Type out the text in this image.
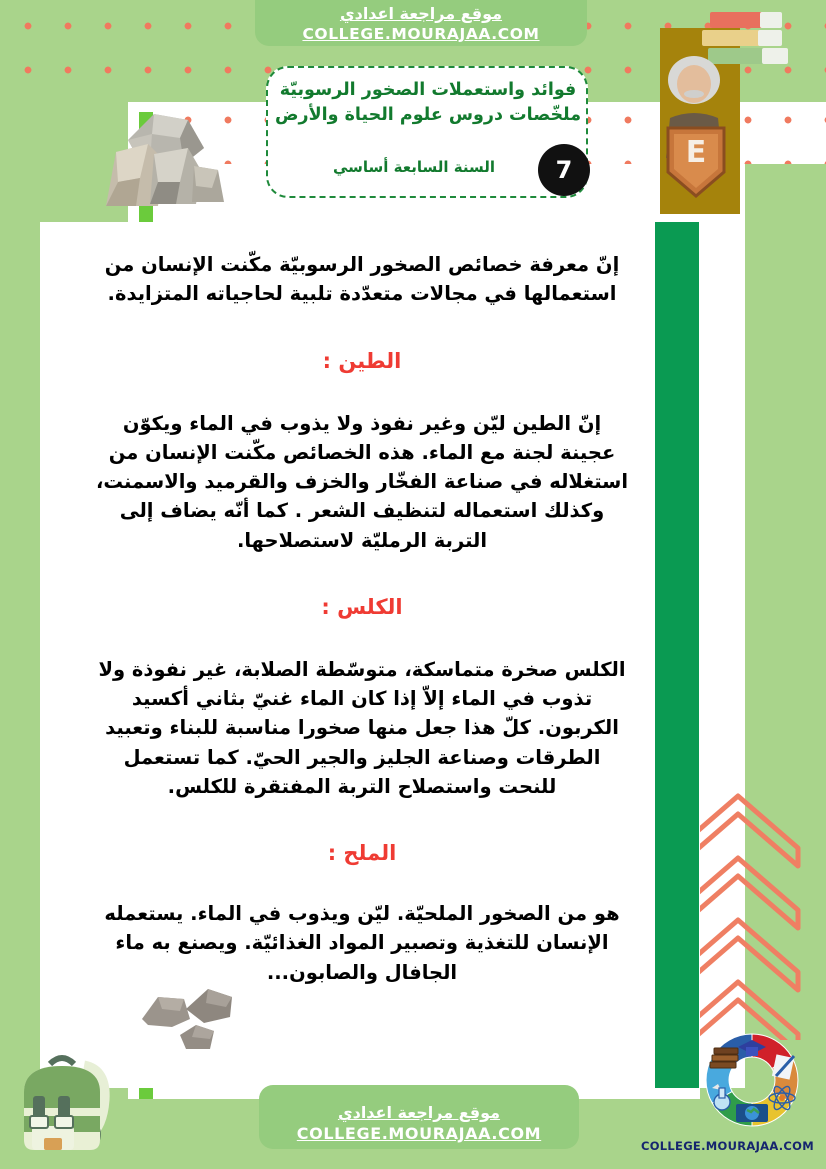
موقع مراجعة اعدادي
COLLEGE.MOURAJAA.COM
فوائد واستعملات الصخور الرسوبيّة
ملخّصات دروس علوم الحياة والأرض
السنة السابعة أساسي	7	E

إنّ معرفة خصائص الصخور الرسوبيّة مكّنت الإنسان من استعمالها في مجالات متعدّدة تلبية لحاجياته المتزايدة.

الطين :

إنّ الطين ليّن وغير نفوذ ولا يذوب في الماء ويكوّن عجينة لجنة مع الماء. هذه الخصائص مكّنت الإنسان من استغلاله في صناعة الفخّار والخزف والقرميد والاسمنت، وكذلك استعماله لتنظيف الشعر . كما أنّه يضاف إلى التربة الرمليّة لاستصلاحها.

الكلس :

الكلس صخرة متماسكة، متوسّطة الصلابة، غير نفوذة ولا تذوب في الماء إلاّ إذا كان الماء غنيّ بثاني أكسيد الكربون. كلّ هذا جعل منها صخورا مناسبة للبناء وتعبيد الطرقات وصناعة الجليز والجير الحيّ. كما تستعمل للنحت واستصلاح التربة المفتقرة للكلس.

الملح :

هو من الصخور الملحيّة. ليّن ويذوب في الماء. يستعمله الإنسان للتغذية وتصبير المواد الغذائيّة. ويصنع به ماء الجافال والصابون...

موقع مراجعة اعدادي
COLLEGE.MOURAJAA.COM
COLLEGE.MOURAJAA.COM
